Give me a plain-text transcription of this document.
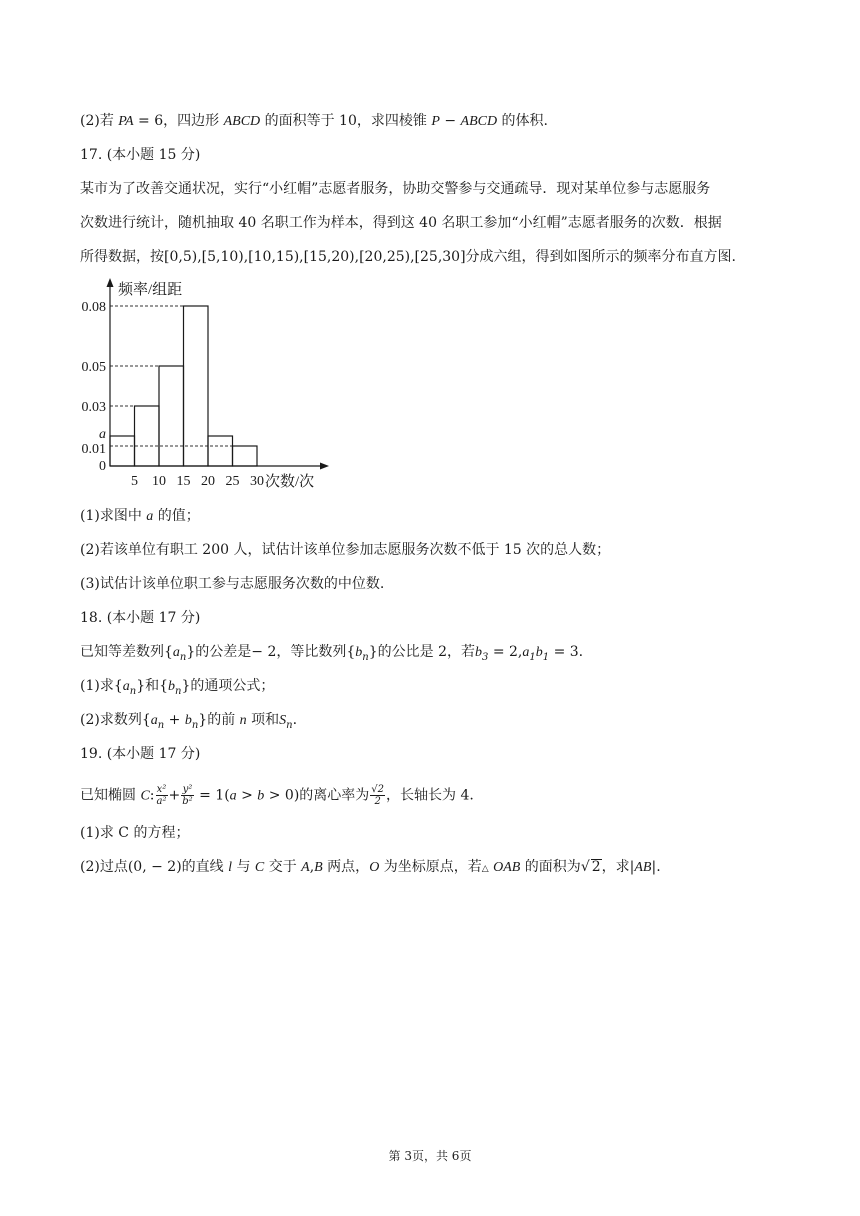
(2)若 PA = 6，四边形 ABCD 的面积等于 10，求四棱锥 P − ABCD 的体积.
17. (本小题 15 分)
某市为了改善交通状况，实行“小红帽”志愿者服务，协助交警参与交通疏导．现对某单位参与志愿服务
次数进行统计，随机抽取 40 名职工作为样本，得到这 40 名职工参加“小红帽”志愿者服务的次数．根据
所得数据，按[0,5),[5,10),[10,15),[15,20),[20,25),[25,30]分成六组，得到如图所示的频率分布直方图.
0
0.01
a
0.03
0.05
0.08
5 10 15 20 25 30
频率/组距
次数/次
(1)求图中 a 的值；
(2)若该单位有职工 200 人，试估计该单位参加志愿服务次数不低于 15 次的总人数；
(3)试估计该单位职工参与志愿服务次数的中位数.
18. (本小题 17 分)
已知等差数列$\{a_n\}$的公差是− 2，等比数列$\{b_n\}$的公比是 2，若$b_3 = 2,a_1b_1 = 3$.
(1)求$\{a_n\}$和$\{b_n\}$的通项公式；
(2)求数列$\{a_n + b_n\}$的前 n 项和$S_n$.
19. (本小题 17 分)
已知椭圆 C: $\frac{\text{x²}}{\text{a²}} + \frac{\text{y²}}{\text{b²}} = 1(a > b > 0)$的离心率为 $\frac{√2}{2}$ ，长轴长为 4.
(1)求 C 的方程；
(2)过点(0, − 2)的直线 l 与 C 交于 A,B 两点，O 为坐标原点，若△ OAB 的面积为√ 2，求|AB|.
第 3页，共 6页
